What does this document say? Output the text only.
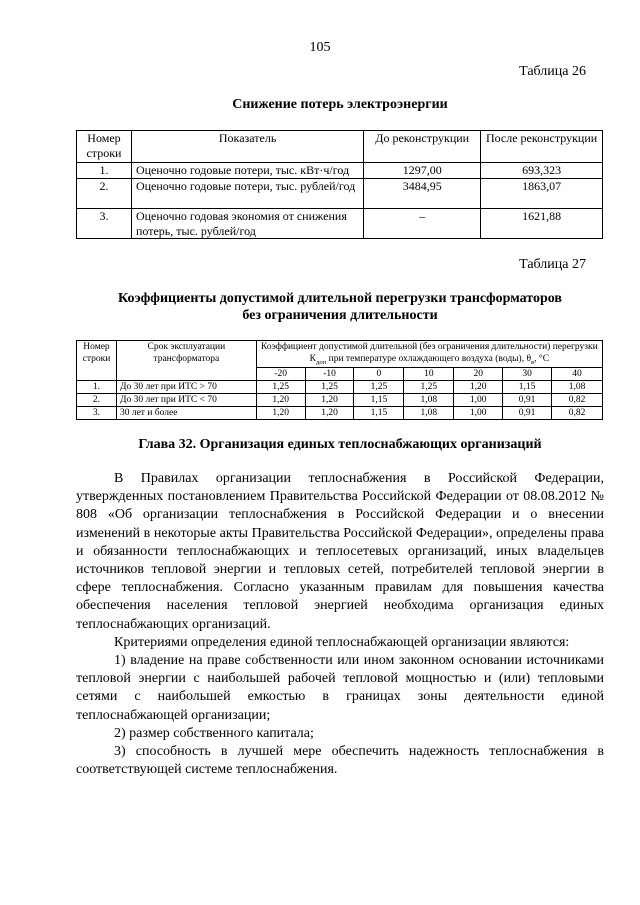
105
Таблица 26
Снижение потерь электроэнергии
Номер строки	Показатель	До реконструкции	После реконструкции
1.	Оценочно годовые потери, тыс. кВт·ч/год	1297,00	693,323
2.	Оценочно годовые потери, тыс. рублей/год	3484,95	1863,07
3.	Оценочно годовая экономия от снижения потерь, тыс. рублей/год	–	1621,88
Таблица 27
Коэффициенты допустимой длительной перегрузки трансформаторов
без ограничения длительности
Номер строки	Срок эксплуатации трансформатора	Коэффициент допустимой длительной (без ограничения длительности) перегрузки $К_{доп}$ при температуре охлаждающего воздуха (воды), $\theta_в$, °С						
		-20	-10	0	10	20	30	40
1.	До 30 лет при ИТС > 70	1,25	1,25	1,25	1,25	1,20	1,15	1,08
2.	До 30 лет при ИТС < 70	1,20	1,20	1,15	1,08	1,00	0,91	0,82
3.	30 лет и более	1,20	1,20	1,15	1,08	1,00	0,91	0,82
Глава 32. Организация единых теплоснабжающих организаций

В Правилах организации теплоснабжения в Российской Федерации, утвержденных постановлением Правительства Российской Федерации от 08.08.2012 № 808 «Об организации теплоснабжения в Российской Федерации и о внесении изменений в некоторые акты Правительства Российской Федерации», определены права и обязанности теплоснабжающих и теплосетевых организаций, иных владельцев источников тепловой энергии и тепловых сетей, потребителей тепловой энергии в сфере теплоснабжения. Согласно указанным правилам для повышения качества обеспечения населения тепловой энергией необходима организация единых теплоснабжающих организаций.

Критериями определения единой теплоснабжающей организации являются:

1) владение на праве собственности или ином законном основании источниками тепловой энергии с наибольшей рабочей тепловой мощностью и (или) тепловыми сетями с наибольшей емкостью в границах зоны деятельности единой теплоснабжающей организации;

2) размер собственного капитала;

3) способность в лучшей мере обеспечить надежность теплоснабжения в соответствующей системе теплоснабжения.
